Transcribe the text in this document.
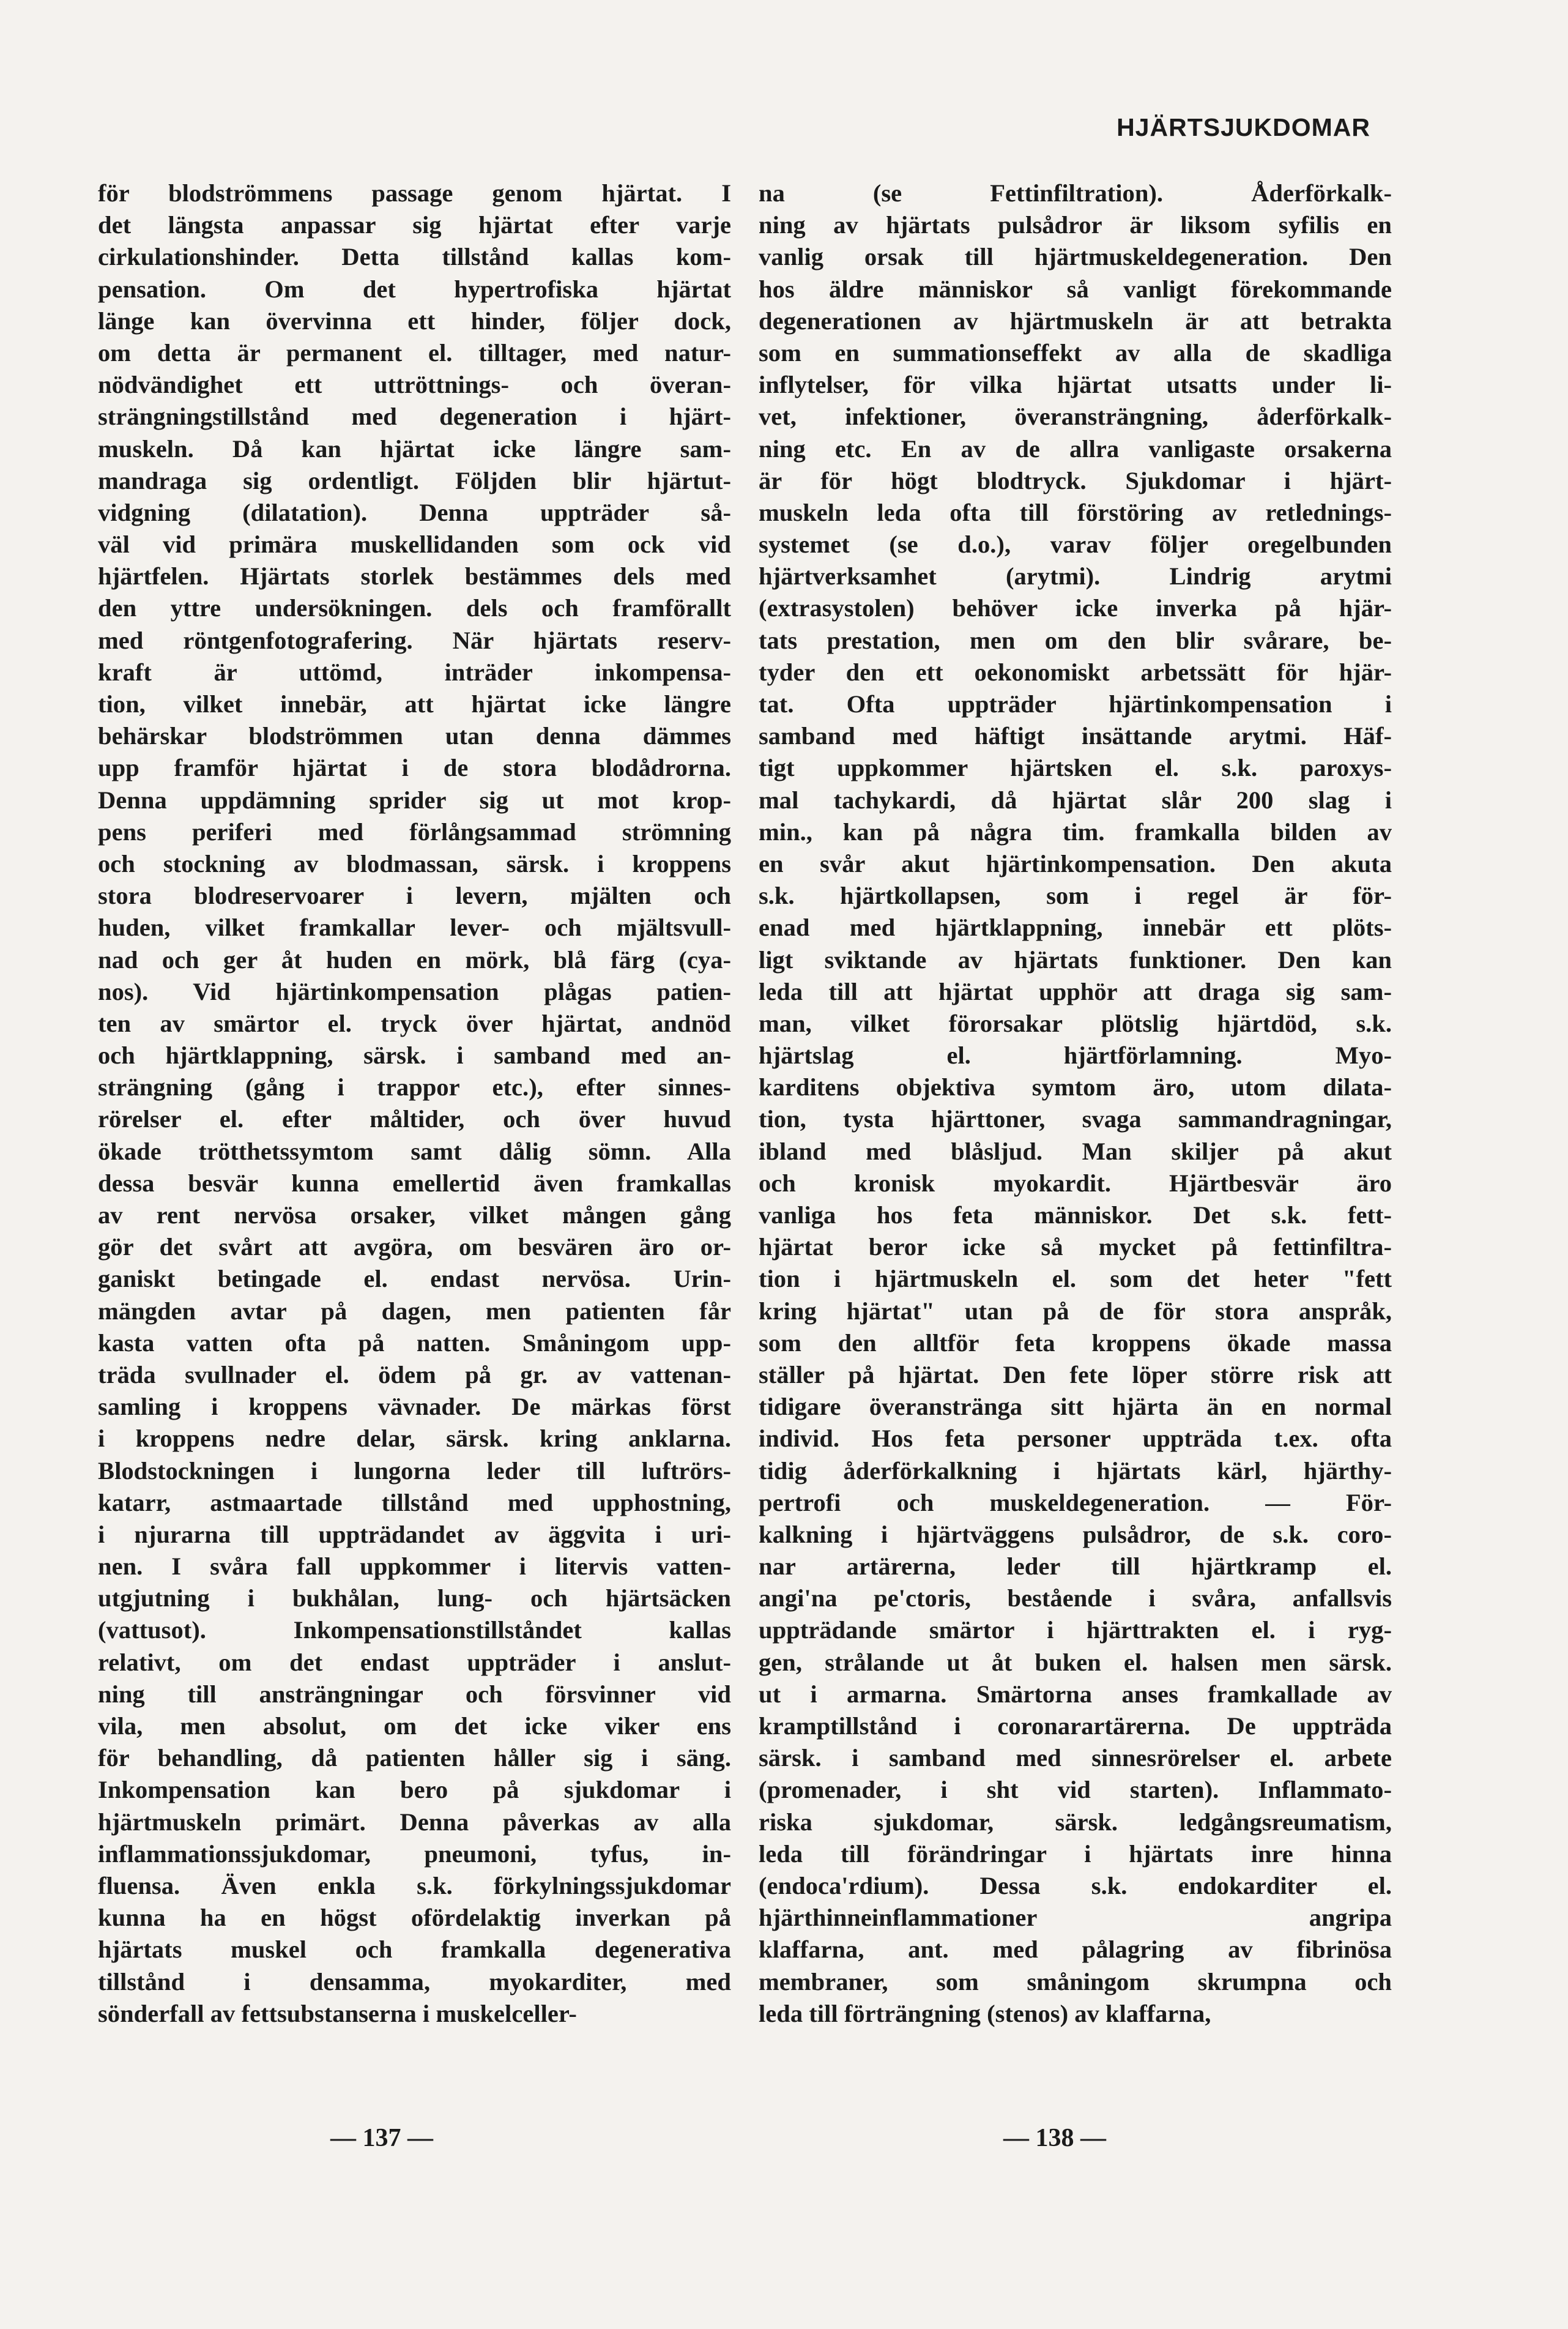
HJÄRTSJUKDOMAR
för blodströmmens passage genom hjärtat. I
det längsta anpassar sig hjärtat efter varje
cirkulationshinder. Detta tillstånd kallas kom-
pensation. Om det hypertrofiska hjärtat
länge kan övervinna ett hinder, följer dock,
om detta är permanent el. tilltager, med natur-
nödvändighet ett uttröttnings- och överan-
strängningstillstånd med degeneration i hjärt-
muskeln. Då kan hjärtat icke längre sam-
mandraga sig ordentligt. Följden blir hjärtut-
vidgning (dilatation). Denna uppträder så-
väl vid primära muskellidanden som ock vid
hjärtfelen. Hjärtats storlek bestämmes dels med
den yttre undersökningen. dels och framförallt
med röntgenfotografering. När hjärtats reserv-
kraft är uttömd, inträder inkompensa-
tion, vilket innebär, att hjärtat icke längre
behärskar blodströmmen utan denna dämmes
upp framför hjärtat i de stora blodådrorna.
Denna uppdämning sprider sig ut mot krop-
pens periferi med förlångsammad strömning
och stockning av blodmassan, särsk. i kroppens
stora blodreservoarer i levern, mjälten och
huden, vilket framkallar lever- och mjältsvull-
nad och ger åt huden en mörk, blå färg (cya-
nos). Vid hjärtinkompensation plågas patien-
ten av smärtor el. tryck över hjärtat, andnöd
och hjärtklappning, särsk. i samband med an-
strängning (gång i trappor etc.), efter sinnes-
rörelser el. efter måltider, och över huvud
ökade trötthetssymtom samt dålig sömn. Alla
dessa besvär kunna emellertid även framkallas
av rent nervösa orsaker, vilket mången gång
gör det svårt att avgöra, om besvären äro or-
ganiskt betingade el. endast nervösa. Urin-
mängden avtar på dagen, men patienten får
kasta vatten ofta på natten. Småningom upp-
träda svullnader el. ödem på gr. av vattenan-
samling i kroppens vävnader. De märkas först
i kroppens nedre delar, särsk. kring anklarna.
Blodstockningen i lungorna leder till luftrörs-
katarr, astmaartade tillstånd med upphostning,
i njurarna till uppträdandet av äggvita i uri-
nen. I svåra fall uppkommer i litervis vatten-
utgjutning i bukhålan, lung- och hjärtsäcken
(vattusot). Inkompensationstillståndet kallas
relativt, om det endast uppträder i anslut-
ning till ansträngningar och försvinner vid
vila, men absolut, om det icke viker ens
för behandling, då patienten håller sig i säng.
Inkompensation kan bero på sjukdomar i
hjärtmuskeln primärt. Denna påverkas av alla
inflammationssjukdomar, pneumoni, tyfus, in-
fluensa. Även enkla s.k. förkylningssjukdomar
kunna ha en högst ofördelaktig inverkan på
hjärtats muskel och framkalla degenerativa
tillstånd i densamma, myokarditer, med
sönderfall av fettsubstanserna i muskelceller-
na (se Fettinfiltration). Åderförkalk-
ning av hjärtats pulsådror är liksom syfilis en
vanlig orsak till hjärtmuskeldegeneration. Den
hos äldre människor så vanligt förekommande
degenerationen av hjärtmuskeln är att betrakta
som en summationseffekt av alla de skadliga
inflytelser, för vilka hjärtat utsatts under li-
vet, infektioner, överansträngning, åderförkalk-
ning etc. En av de allra vanligaste orsakerna
är för högt blodtryck. Sjukdomar i hjärt-
muskeln leda ofta till förstöring av retlednings-
systemet (se d.o.), varav följer oregelbunden
hjärtverksamhet (arytmi). Lindrig arytmi
(extrasystolen) behöver icke inverka på hjär-
tats prestation, men om den blir svårare, be-
tyder den ett oekonomiskt arbetssätt för hjär-
tat. Ofta uppträder hjärtinkompensation i
samband med häftigt insättande arytmi. Häf-
tigt uppkommer hjärtsken el. s.k. paroxys-
mal tachykardi, då hjärtat slår 200 slag i
min., kan på några tim. framkalla bilden av
en svår akut hjärtinkompensation. Den akuta
s.k. hjärtkollapsen, som i regel är för-
enad med hjärtklappning, innebär ett plöts-
ligt sviktande av hjärtats funktioner. Den kan
leda till att hjärtat upphör att draga sig sam-
man, vilket förorsakar plötslig hjärtdöd, s.k.
hjärtslag el. hjärtförlamning. Myo-
karditens objektiva symtom äro, utom dilata-
tion, tysta hjärttoner, svaga sammandragningar,
ibland med blåsljud. Man skiljer på akut
och kronisk myokardit. Hjärtbesvär äro
vanliga hos feta människor. Det s.k. fett-
hjärtat beror icke så mycket på fettinfiltra-
tion i hjärtmuskeln el. som det heter "fett
kring hjärtat" utan på de för stora anspråk,
som den alltför feta kroppens ökade massa
ställer på hjärtat. Den fete löper större risk att
tidigare överanstränga sitt hjärta än en normal
individ. Hos feta personer uppträda t.ex. ofta
tidig åderförkalkning i hjärtats kärl, hjärthy-
pertrofi och muskeldegeneration. — För-
kalkning i hjärtväggens pulsådror, de s.k. coro-
nar artärerna, leder till hjärtkramp el.
angi'na pe'ctoris, bestående i svåra, anfallsvis
uppträdande smärtor i hjärttrakten el. i ryg-
gen, strålande ut åt buken el. halsen men särsk.
ut i armarna. Smärtorna anses framkallade av
kramptillstånd i coronarartärerna. De uppträda
särsk. i samband med sinnesrörelser el. arbete
(promenader, i sht vid starten). Inflammato-
riska sjukdomar, särsk. ledgångsreumatism,
leda till förändringar i hjärtats inre hinna
(endoca'rdium). Dessa s.k. endokarditer el.
hjärthinneinflammationer angripa
klaffarna, ant. med pålagring av fibrinösa
membraner, som småningom skrumpna och
leda till förträngning (stenos) av klaffarna,
— 137 —	— 138 —
